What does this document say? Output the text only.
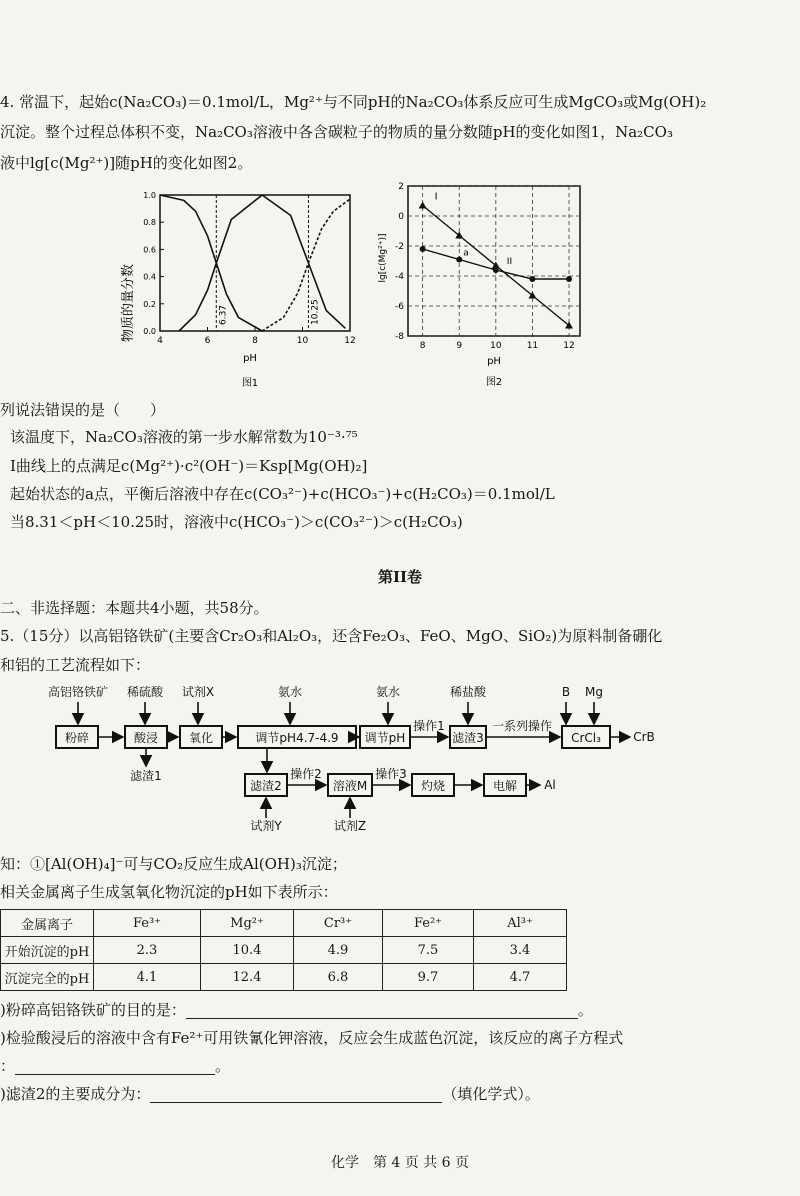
4. 常温下，起始c(Na₂CO₃)＝0.1mol/L，Mg²⁺与不同pH的Na₂CO₃体系反应可生成MgCO₃或Mg(OH)₂
沉淀。整个过程总体积不变，Na₂CO₃溶液中各含碳粒子的物质的量分数随pH的变化如图1，Na₂CO₃
液中lg[c(Mg²⁺)]随pH的变化如图2。
4	6	8	10	12
0.0
0.2
0.4
0.6
0.8
1.0
6.37	10.25
物质的量分数
pH
图1
2
0
-2
-4
-6
-8
8	9	10	11	12
I
II
a
lg[c(Mg²⁺)]
pH
图2
列说法错误的是（　　）
该温度下，Na₂CO₃溶液的第一步水解常数为10⁻³·⁷⁵
I曲线上的点满足c(Mg²⁺)·c²(OH⁻)＝Ksp[Mg(OH)₂]
起始状态的a点，平衡后溶液中存在c(CO₃²⁻)+c(HCO₃⁻)+c(H₂CO₃)＝0.1mol/L
当8.31＜pH＜10.25时，溶液中c(HCO₃⁻)＞c(CO₃²⁻)＞c(H₂CO₃)
第II卷
二、非选择题：本题共4小题，共58分。
5.（15分）以高铝铬铁矿(主要含Cr₂O₃和Al₂O₃，还含Fe₂O₃、FeO、MgO、SiO₂)为原料制备硼化
和铝的工艺流程如下：
高铝铬铁矿 稀硫酸 试剂X	氨水	氨水	稀盐酸	B Mg
粉碎	酸浸	氧化	调节pH4.7-4.9 调节pH	滤渣3	CrCl₃
操作1	一系列操作
CrB
滤渣1
滤渣2	溶液M	灼烧	电解
操作2	操作3
Al
试剂Y	试剂Z
知：①[Al(OH)₄]⁻可与CO₂反应生成Al(OH)₃沉淀；
相关金属离子生成氢氧化物沉淀的pH如下表所示：
金属离子	Fe³⁺	Mg²⁺	Cr³⁺	Fe²⁺	Al³⁺
开始沉淀的pH	2.3	10.4	4.9	7.5	3.4
沉淀完全的pH	4.1	12.4	6.8	9.7	4.7
)粉碎高铝铬铁矿的目的是：	。
)检验酸浸后的溶液中含有Fe²⁺可用铁氰化钾溶液，反应会生成蓝色沉淀，该反应的离子方程式
：	。
)滤渣2的主要成分为：	（填化学式）。
化学　第 4 页 共 6 页
